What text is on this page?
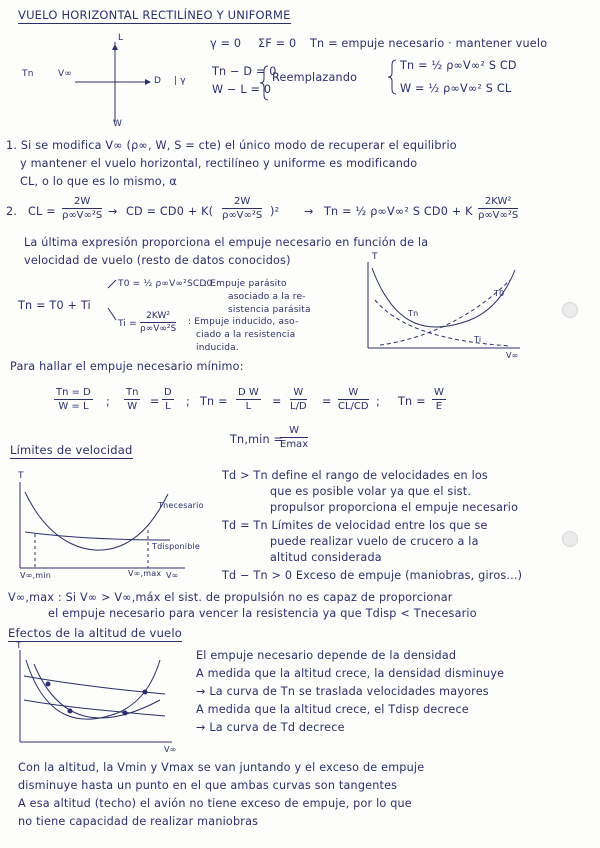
VUELO HORIZONTAL RECTILÍNEO Y UNIFORME
L
D
W
Tn	V∞
| γ
γ = 0 ΣF = 0 Tn = empuje necesario · mantener vuelo
Tn − D = 0
W − L = 0
Reemplazando
Tn = ½ ρ∞V∞² S CD
W = ½ ρ∞V∞² S CL
1. Si se modifica V∞ (ρ∞, W, S = cte) el único modo de recuperar el equilibrio
y mantener el vuelo horizontal, rectilíneo y uniforme es modificando
CL, o lo que es lo mismo, α
2. CL = $\frac{2W}{\text{ρ∞V∞²S}}$ → CD = $CD0 + K( \frac{2W}{\text{ρ∞V∞²S}} )^2 \to Tn$ = ½ ρ∞V∞² S CD0 + K $\frac{\text{2KW²}}{\text{ρ∞V∞²S}}$
La última expresión proporciona el empuje necesario en función de la
velocidad de vuelo (resto de datos conocidos)
Tn = T0 + Ti
T0 = ½ ρ∞V∞²SCD0
: Empuje parásito
asociado a la re-
sistencia parásita
$Ti = \frac{\text{2KW²}}{\text{ρ∞V∞²S}}$ : Empuje inducido, aso-
ciado a la resistencia
inducida.
T
V∞
T0
Tn
Ti
Para hallar el empuje necesario mínimo:
$\frac{Tn = D}{W = L}$ ; $\frac{Tn}{W} = \frac{D}{L}$ ; $Tn = \frac{\text{D W}}{L} = \frac{W}{L/D} = \frac{W}{CL/CD}$ ; $Tn = \frac{W}{E}$
Tn,min =
W
Emax
Límites de velocidad
T
Tnecesario
Tdisponible
V∞,min	V∞,max V∞
Td > Tn define el rango de velocidades en los
que es posible volar ya que el sist.
propulsor proporciona el empuje necesario
Td = Tn Límites de velocidad entre los que se
puede realizar vuelo de crucero a la
altitud considerada
Td − Tn > 0 Exceso de empuje (maniobras, giros...)
V∞,max : Si V∞ > V∞,máx el sist. de propulsión no es capaz de proporcionar
el empuje necesario para vencer la resistencia ya que Tdisp < Tnecesario
Efectos de la altitud de vuelo
T
V∞
El empuje necesario depende de la densidad
A medida que la altitud crece, la densidad disminuye
→ La curva de Tn se traslada velocidades mayores
A medida que la altitud crece, el Tdisp decrece
→ La curva de Td decrece
Con la altitud, la Vmin y Vmax se van juntando y el exceso de empuje
disminuye hasta un punto en el que ambas curvas son tangentes
A esa altitud (techo) el avión no tiene exceso de empuje, por lo que
no tiene capacidad de realizar maniobras
